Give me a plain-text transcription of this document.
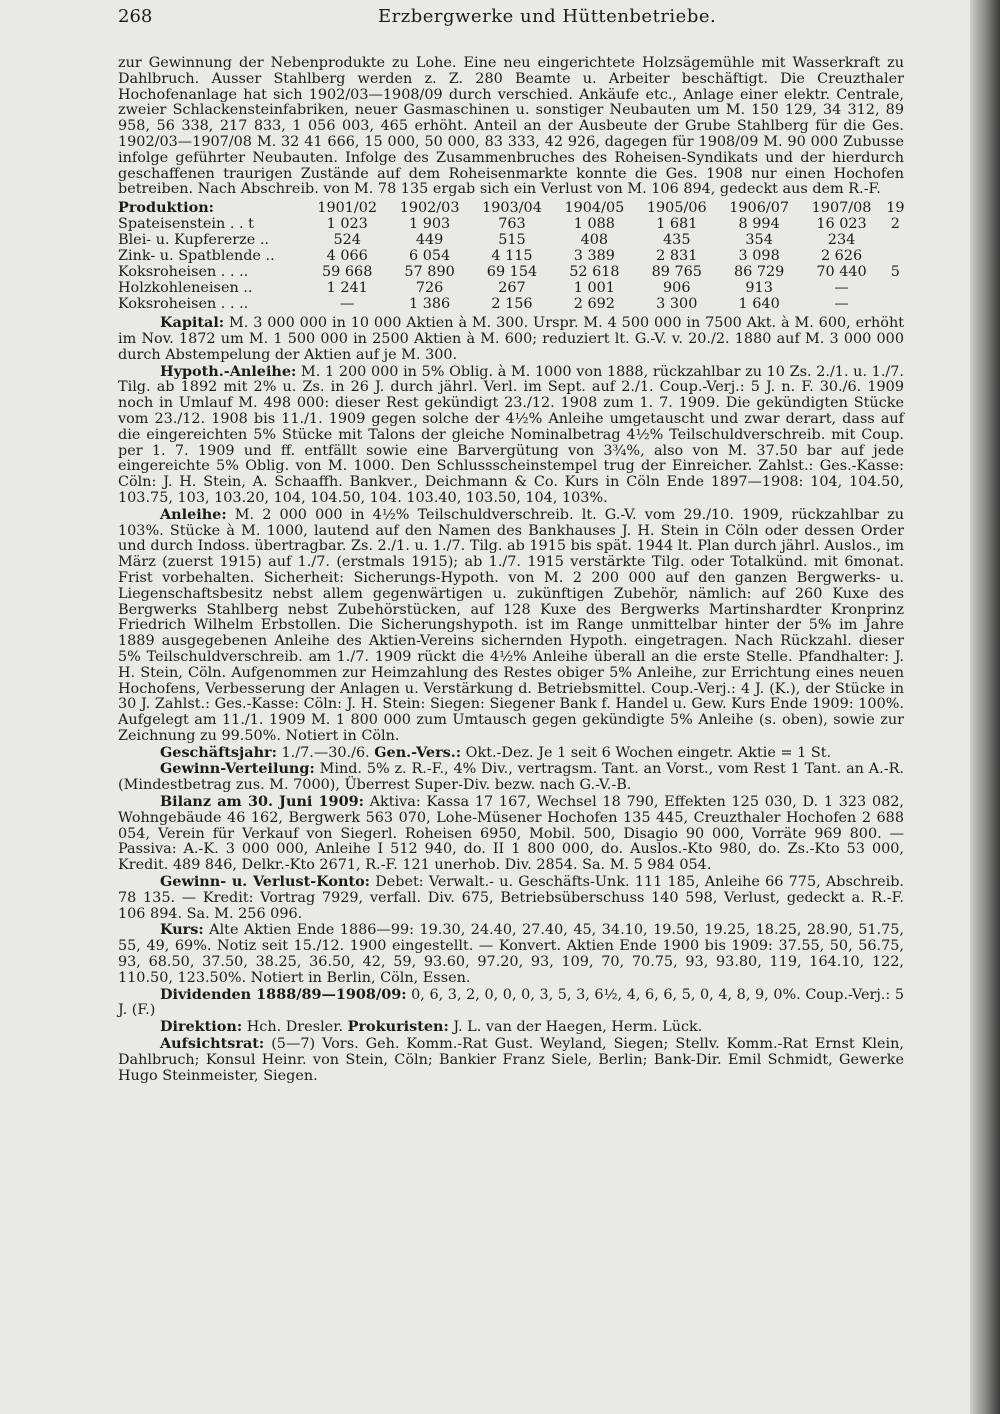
268	Erzbergwerke und Hüttenbetriebe.

zur Gewinnung der Nebenprodukte zu Lohe. Eine neu eingerichtete Holzsägemühle mit Wasserkraft zu Dahlbruch. Ausser Stahlberg werden z. Z. 280 Beamte u. Arbeiter beschäftigt. Die Creuzthaler Hochofenanlage hat sich 1902/03—1908/09 durch verschied. Ankäufe etc., Anlage einer elektr. Centrale, zweier Schlackensteinfabriken, neuer Gasmaschinen u. sonstiger Neubauten um M. 150 129, 34 312, 89 958, 56 338, 217 833, 1 056 003, 465 erhöht. Anteil an der Ausbeute der Grube Stahlberg für die Ges. 1902/03—1907/08 M. 32 41 666, 15 000, 50 000, 83 333, 42 926, dagegen für 1908/09 M. 90 000 Zubusse infolge geführter Neubauten. Infolge des Zusammenbruches des Roheisen-Syndikats und der hierdurch geschaffenen traurigen Zustände auf dem Roheisenmarkte konnte die Ges. 1908 nur einen Hochofen betreiben. Nach Abschreib. von M. 78 135 ergab sich ein Verlust von M. 106 894, gedeckt aus dem R.-F.

Produktion:	1901/02	1902/03	1903/04	1904/05	1905/06	1906/07	1907/08	19
Spateisenstein . . t	1 023	1 903	763	1 088	1 681	8 994	16 023	2
Blei- u. Kupfererze ..	524	449	515	408	435	354	234	
Zink- u. Spatblende ..	4 066	6 054	4 115	3 389	2 831	3 098	2 626	
Koksroheisen . . ..	59 668	57 890	69 154	52 618	89 765	86 729	70 440	5
Holzkohleneisen ..	1 241	726	267	1 001	906	913	—	
Koksroheisen . . ..	—	1 386	2 156	2 692	3 300	1 640	—	

Kapital: M. 3 000 000 in 10 000 Aktien à M. 300. Urspr. M. 4 500 000 in 7500 Akt. à M. 600, erhöht im Nov. 1872 um M. 1 500 000 in 2500 Aktien à M. 600; reduziert lt. G.-V. v. 20./2. 1880 auf M. 3 000 000 durch Abstempelung der Aktien auf je M. 300.

Hypoth.-Anleihe: M. 1 200 000 in 5% Oblig. à M. 1000 von 1888, rückzahlbar zu 10 Zs. 2./1. u. 1./7. Tilg. ab 1892 mit 2% u. Zs. in 26 J. durch jährl. Verl. im Sept. auf 2./1. Coup.-Verj.: 5 J. n. F. 30./6. 1909 noch in Umlauf M. 498 000: dieser Rest gekündigt 23./12. 1908 zum 1. 7. 1909. Die gekündigten Stücke vom 23./12. 1908 bis 11./1. 1909 gegen solche der 4½% Anleihe umgetauscht und zwar derart, dass auf die eingereichten 5% Stücke mit Talons der gleiche Nominalbetrag 4½% Teilschuldverschreib. mit Coup. per 1. 7. 1909 und ff. entfällt sowie eine Barvergütung von 3¾%, also von M. 37.50 bar auf jede eingereichte 5% Oblig. von M. 1000. Den Schlussscheinstempel trug der Einreicher. Zahlst.: Ges.-Kasse: Cöln: J. H. Stein, A. Schaaffh. Bankver., Deichmann & Co. Kurs in Cöln Ende 1897—1908: 104, 104.50, 103.75, 103, 103.20, 104, 104.50, 104. 103.40, 103.50, 104, 103%.

Anleihe: M. 2 000 000 in 4½% Teilschuldverschreib. lt. G.-V. vom 29./10. 1909, rückzahlbar zu 103%. Stücke à M. 1000, lautend auf den Namen des Bankhauses J. H. Stein in Cöln oder dessen Order und durch Indoss. übertragbar. Zs. 2./1. u. 1./7. Tilg. ab 1915 bis spät. 1944 lt. Plan durch jährl. Auslos., im März (zuerst 1915) auf 1./7. (erstmals 1915); ab 1./7. 1915 verstärkte Tilg. oder Totalkünd. mit 6monat. Frist vorbehalten. Sicherheit: Sicherungs-Hypoth. von M. 2 200 000 auf den ganzen Bergwerks- u. Liegenschaftsbesitz nebst allem gegenwärtigen u. zukünftigen Zubehör, nämlich: auf 260 Kuxe des Bergwerks Stahlberg nebst Zubehörstücken, auf 128 Kuxe des Bergwerks Martinshardter Kronprinz Friedrich Wilhelm Erbstollen. Die Sicherungshypoth. ist im Range unmittelbar hinter der 5% im Jahre 1889 ausgegebenen Anleihe des Aktien-Vereins sichernden Hypoth. eingetragen. Nach Rückzahl. dieser 5% Teilschuldverschreib. am 1./7. 1909 rückt die 4½% Anleihe überall an die erste Stelle. Pfandhalter: J. H. Stein, Cöln. Aufgenommen zur Heimzahlung des Restes obiger 5% Anleihe, zur Errichtung eines neuen Hochofens, Verbesserung der Anlagen u. Verstärkung d. Betriebsmittel. Coup.-Verj.: 4 J. (K.), der Stücke in 30 J. Zahlst.: Ges.-Kasse: Cöln: J. H. Stein: Siegen: Siegener Bank f. Handel u. Gew. Kurs Ende 1909: 100%. Aufgelegt am 11./1. 1909 M. 1 800 000 zum Umtausch gegen gekündigte 5% Anleihe (s. oben), sowie zur Zeichnung zu 99.50%. Notiert in Cöln.

Geschäftsjahr: 1./7.—30./6. Gen.-Vers.: Okt.-Dez. Je 1 seit 6 Wochen eingetr. Aktie = 1 St.

Gewinn-Verteilung: Mind. 5% z. R.-F., 4% Div., vertragsm. Tant. an Vorst., vom Rest 1 Tant. an A.-R. (Mindestbetrag zus. M. 7000), Überrest Super-Div. bezw. nach G.-V.-B.

Bilanz am 30. Juni 1909: Aktiva: Kassa 17 167, Wechsel 18 790, Effekten 125 030, D. 1 323 082, Wohngebäude 46 162, Bergwerk 563 070, Lohe-Müsener Hochofen 135 445, Creuzthaler Hochofen 2 688 054, Verein für Verkauf von Siegerl. Roheisen 6950, Mobil. 500, Disagio 90 000, Vorräte 969 800. — Passiva: A.-K. 3 000 000, Anleihe I 512 940, do. II 1 800 000, do. Auslos.-Kto 980, do. Zs.-Kto 53 000, Kredit. 489 846, Delkr.-Kto 2671, R.-F. 121 unerhob. Div. 2854. Sa. M. 5 984 054.

Gewinn- u. Verlust-Konto: Debet: Verwalt.- u. Geschäfts-Unk. 111 185, Anleihe 66 775, Abschreib. 78 135. — Kredit: Vortrag 7929, verfall. Div. 675, Betriebsüberschuss 140 598, Verlust, gedeckt a. R.-F. 106 894. Sa. M. 256 096.

Kurs: Alte Aktien Ende 1886—99: 19.30, 24.40, 27.40, 45, 34.10, 19.50, 19.25, 18.25, 28.90, 51.75, 55, 49, 69%. Notiz seit 15./12. 1900 eingestellt. — Konvert. Aktien Ende 1900 bis 1909: 37.55, 50, 56.75, 93, 68.50, 37.50, 38.25, 36.50, 42, 59, 93.60, 97.20, 93, 109, 70, 70.75, 93, 93.80, 119, 164.10, 122, 110.50, 123.50%. Notiert in Berlin, Cöln, Essen.

Dividenden 1888/89—1908/09: 0, 6, 3, 2, 0, 0, 0, 3, 5, 3, 6½, 4, 6, 6, 5, 0, 4, 8, 9, 0%. Coup.-Verj.: 5 J. (F.)

Direktion: Hch. Dresler. Prokuristen: J. L. van der Haegen, Herm. Lück.

Aufsichtsrat: (5—7) Vors. Geh. Komm.-Rat Gust. Weyland, Siegen; Stellv. Komm.-Rat Ernst Klein, Dahlbruch; Konsul Heinr. von Stein, Cöln; Bankier Franz Siele, Berlin; Bank-Dir. Emil Schmidt, Gewerke Hugo Steinmeister, Siegen.
